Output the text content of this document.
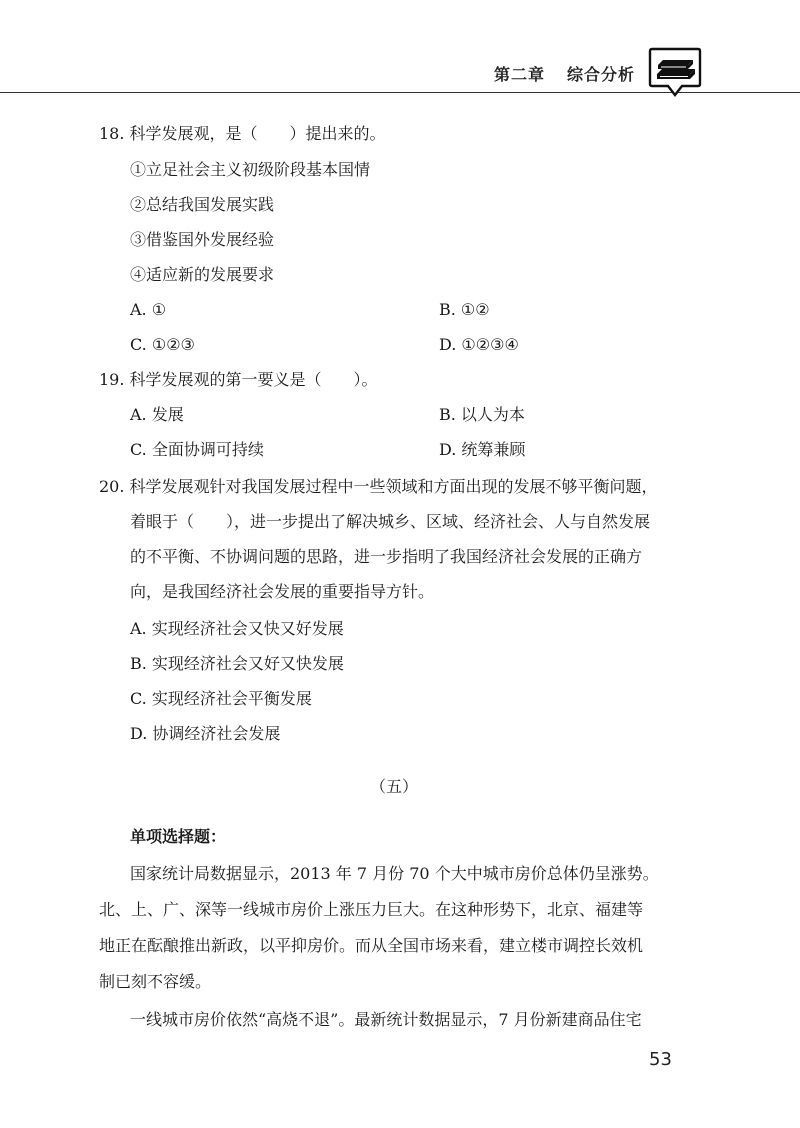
第二章 综合分析
18. 科学发展观，是（　　）提出来的。
①立足社会主义初级阶段基本国情
②总结我国发展实践
③借鉴国外发展经验
④适应新的发展要求
A. ①	B. ①②
C. ①②③	D. ①②③④
19. 科学发展观的第一要义是（　　）。
A. 发展	B. 以人为本
C. 全面协调可持续	D. 统筹兼顾
20. 科学发展观针对我国发展过程中一些领域和方面出现的发展不够平衡问题，
着眼于（　　），进一步提出了解决城乡、区域、经济社会、人与自然发展
的不平衡、不协调问题的思路，进一步指明了我国经济社会发展的正确方
向，是我国经济社会发展的重要指导方针。
A. 实现经济社会又快又好发展
B. 实现经济社会又好又快发展
C. 实现经济社会平衡发展
D. 协调经济社会发展
（五）
单项选择题：
国家统计局数据显示，2013 年 7 月份 70 个大中城市房价总体仍呈涨势。
北、上、广、深等一线城市房价上涨压力巨大。在这种形势下，北京、福建等
地正在酝酿推出新政，以平抑房价。而从全国市场来看，建立楼市调控长效机
制已刻不容缓。
一线城市房价依然“高烧不退”。最新统计数据显示，7 月份新建商品住宅
53
